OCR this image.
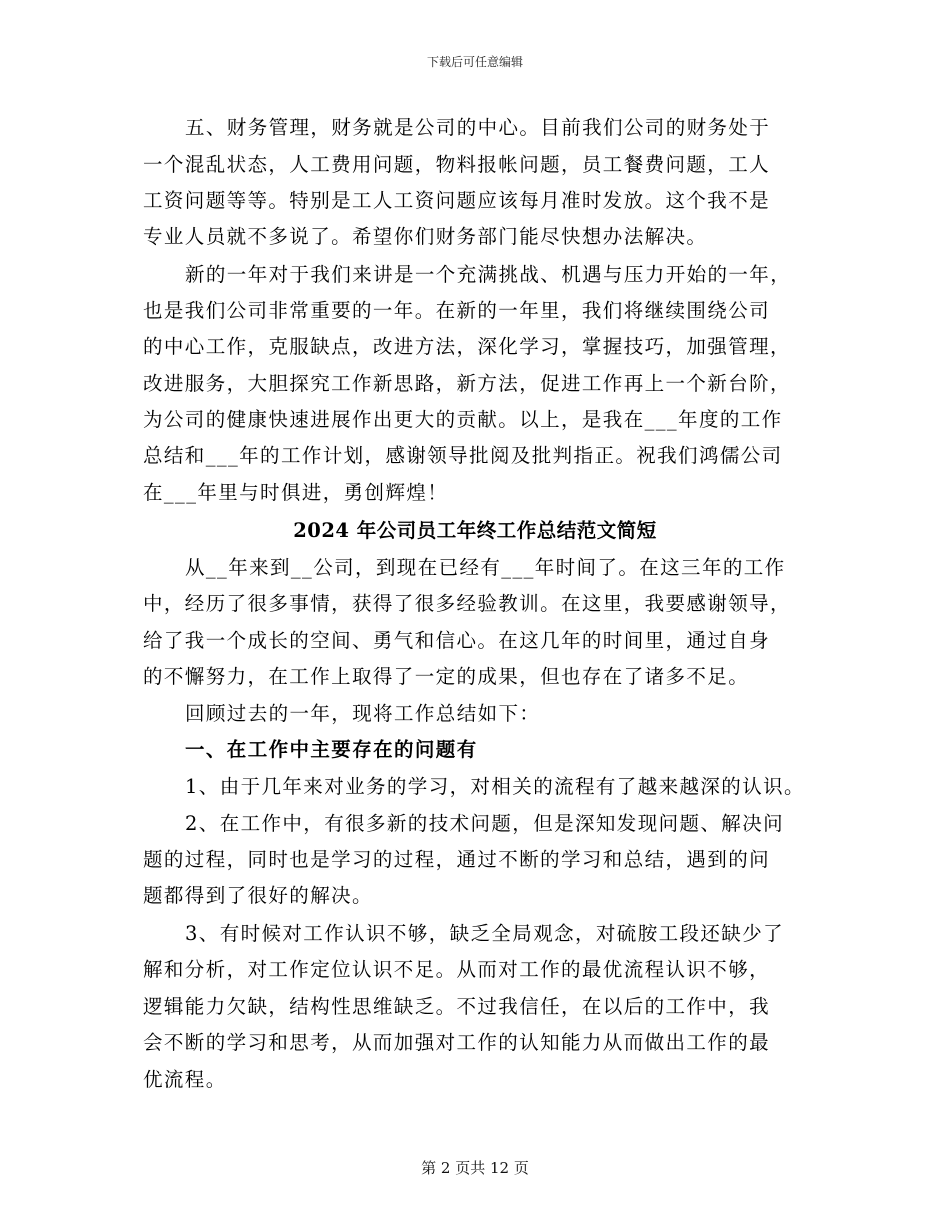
下载后可任意编辑
五、财务管理，财务就是公司的中心。目前我们公司的财务处于
一个混乱状态，人工费用问题，物料报帐问题，员工餐费问题，工人
工资问题等等。特别是工人工资问题应该每月准时发放。这个我不是
专业人员就不多说了。希望你们财务部门能尽快想办法解决。
新的一年对于我们来讲是一个充满挑战、机遇与压力开始的一年，
也是我们公司非常重要的一年。在新的一年里，我们将继续围绕公司
的中心工作，克服缺点，改进方法，深化学习，掌握技巧，加强管理，
改进服务，大胆探究工作新思路，新方法，促进工作再上一个新台阶，
为公司的健康快速进展作出更大的贡献。以上，是我在___年度的工作
总结和___年的工作计划，感谢领导批阅及批判指正。祝我们鸿儒公司
在___年里与时俱进，勇创辉煌！
2024 年公司员工年终工作总结范文简短
从__年来到__公司，到现在已经有___年时间了。在这三年的工作
中，经历了很多事情，获得了很多经验教训。在这里，我要感谢领导，
给了我一个成长的空间、勇气和信心。在这几年的时间里，通过自身
的不懈努力，在工作上取得了一定的成果，但也存在了诸多不足。
回顾过去的一年，现将工作总结如下：
一、在工作中主要存在的问题有
1、由于几年来对业务的学习，对相关的流程有了越来越深的认识。
2、在工作中，有很多新的技术问题，但是深知发现问题、解决问
题的过程，同时也是学习的过程，通过不断的学习和总结，遇到的问
题都得到了很好的解决。
3、有时候对工作认识不够，缺乏全局观念，对硫胺工段还缺少了
解和分析，对工作定位认识不足。从而对工作的最优流程认识不够，
逻辑能力欠缺，结构性思维缺乏。不过我信任，在以后的工作中，我
会不断的学习和思考，从而加强对工作的认知能力从而做出工作的最
优流程。
第 2 页共 12 页
